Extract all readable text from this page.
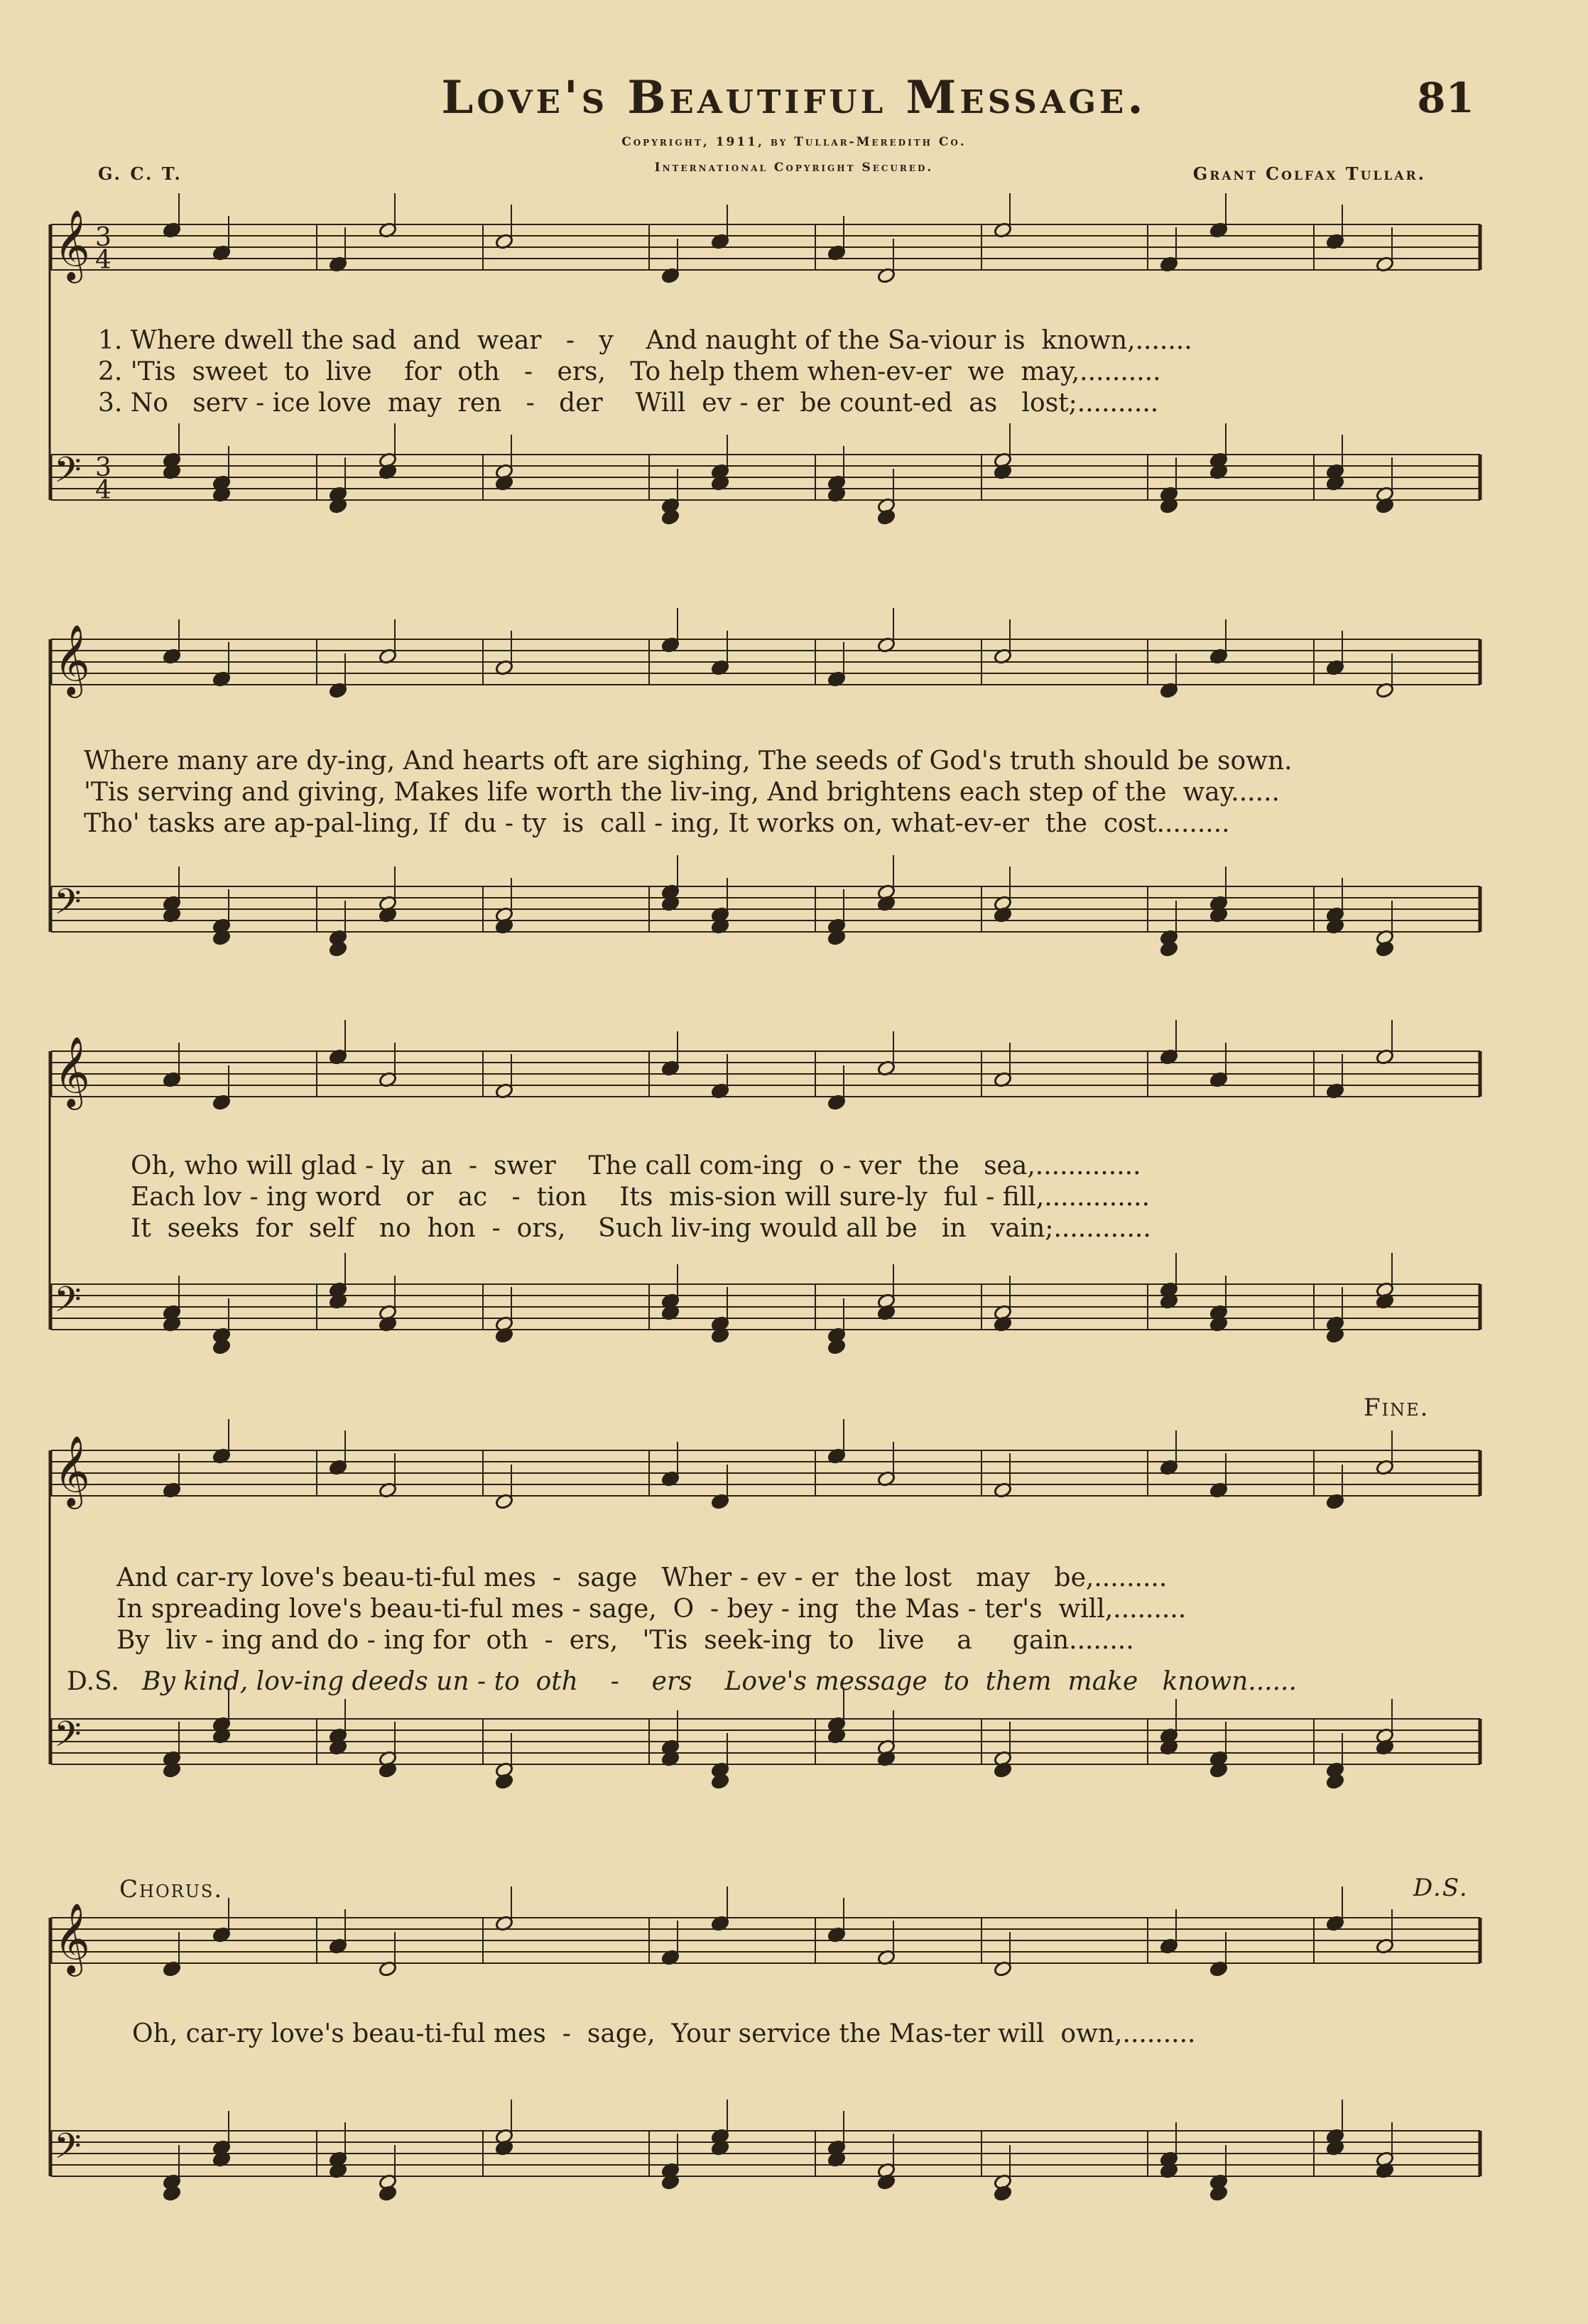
𝄞 3
4
𝄢 3
4
𝄞
𝄢
𝄞
𝄢
𝄞
𝄢
𝄞
𝄢
Love's Beautiful Message.	81
Copyright, 1911, by Tullar-Meredith Co.
International Copyright Secured.
G. C. T.	Grant Colfax Tullar.
1. Where dwell the sad  and  wear   -   y    And naught of the Sa-viour is  known,.......
2. 'Tis  sweet  to  live    for  oth   -   ers,   To help them when-ev-er  we  may,..........
3. No   serv - ice love  may  ren   -   der    Will  ev - er  be count-ed  as   lost;..........
Where many are dy-ing, And hearts oft are sighing, The seeds of God's truth should be sown.
'Tis serving and giving, Makes life worth the liv-ing, And brightens each step of the  way......
Tho' tasks are ap-pal-ling, If  du - ty  is  call - ing, It works on, what-ev-er  the  cost.........
Oh, who will glad - ly  an  -  swer    The call com-ing  o - ver  the   sea,.............
Each lov - ing word   or   ac   -  tion    Its  mis-sion will sure-ly  ful - fill,.............
It  seeks  for  self   no  hon  -  ors,    Such liv-ing would all be   in   vain;............
Fine.
And car-ry love's beau-ti-ful mes  -  sage   Wher - ev - er  the lost   may   be,.........
In spreading love's beau-ti-ful mes - sage,  O  - bey - ing  the Mas - ter's  will,.........
By  liv - ing and do - ing for  oth  -  ers,   'Tis  seek-ing  to   live    a     gain........
D.S. By kind, lov-ing deeds un - to  oth    -    ers    Love's message  to  them  make   known......
Chorus.	D.S.
Oh, car-ry love's beau-ti-ful mes  -  sage,  Your service the Mas-ter will  own,.........
